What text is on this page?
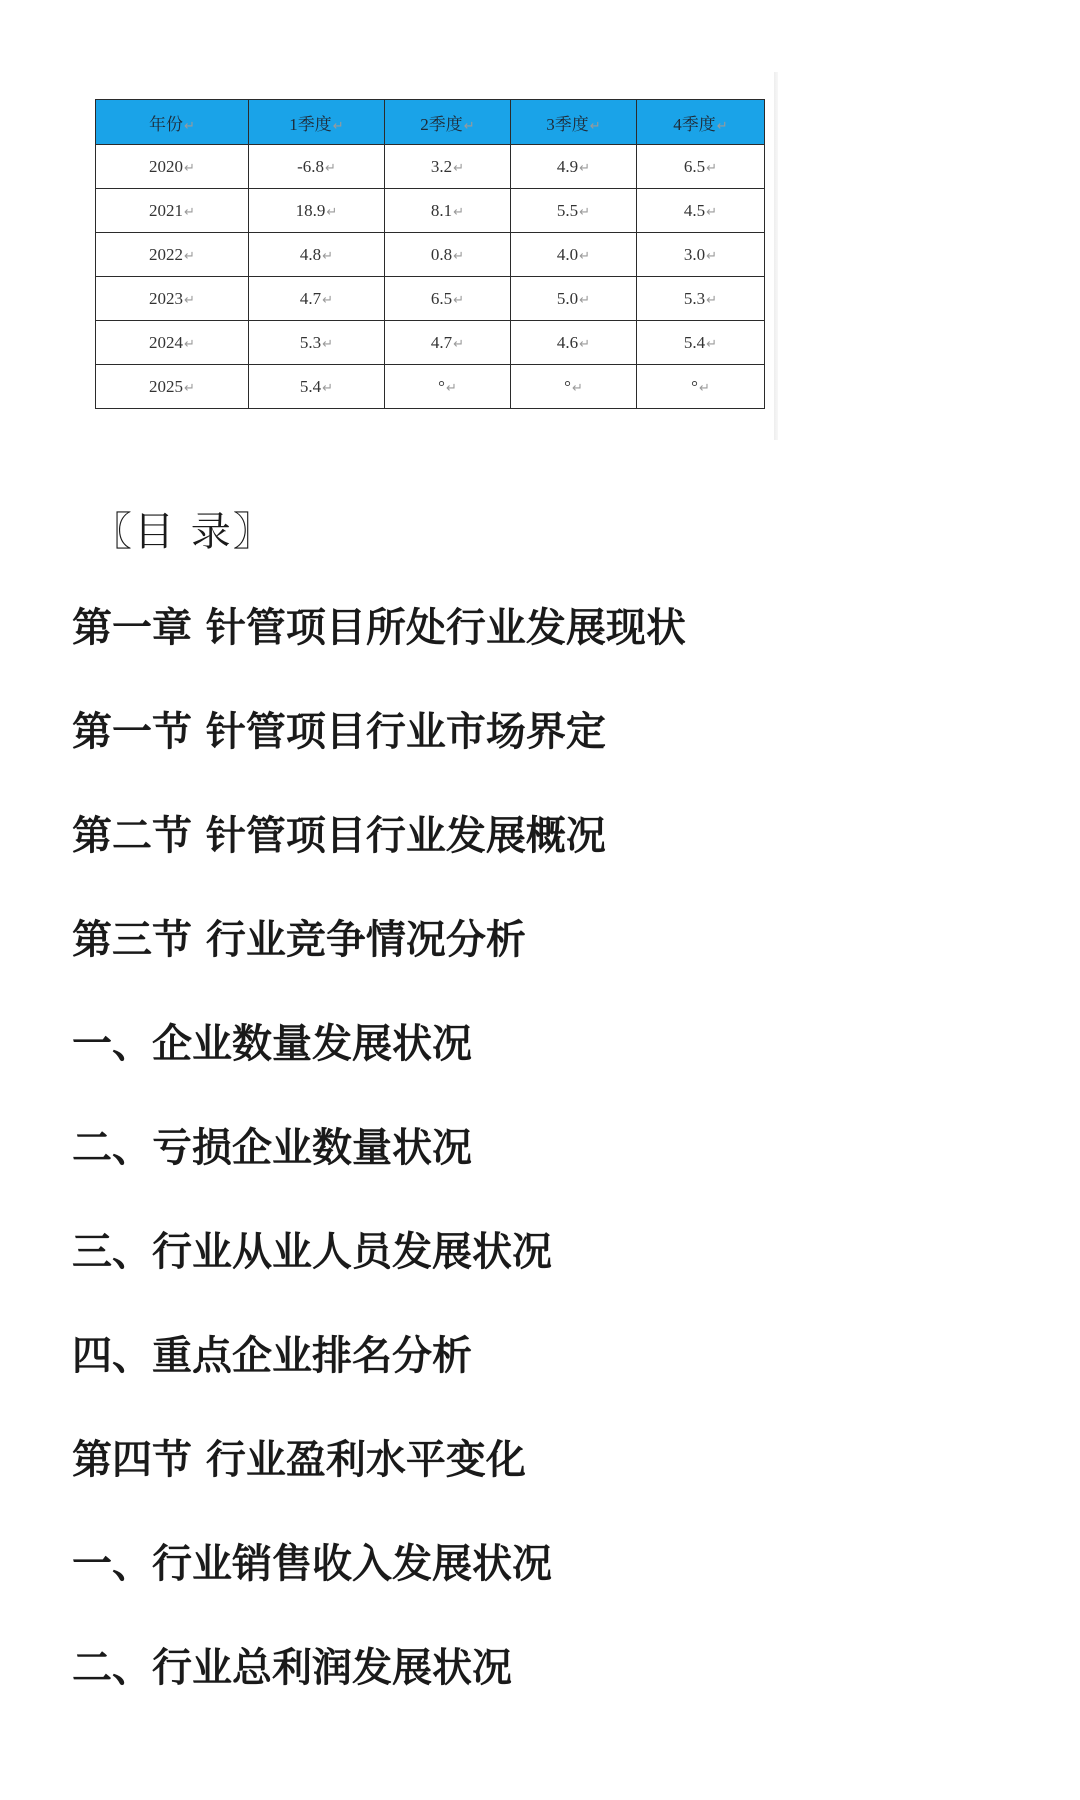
年份↵	1季度↵	2季度↵	3季度↵	4季度↵
2020↵	-6.8↵	3.2↵	4.9↵	6.5↵
2021↵	18.9↵	8.1↵	5.5↵	4.5↵
2022↵	4.8↵	0.8↵	4.0↵	3.0↵
2023↵	4.7↵	6.5↵	5.0↵	5.3↵
2024↵	5.3↵	4.7↵	4.6↵	5.4↵
2025↵	5.4↵	°↵	°↵	°↵
〖目 录〗
第一章 针管项目所处行业发展现状
第一节 针管项目行业市场界定
第二节 针管项目行业发展概况
第三节 行业竞争情况分析
一、企业数量发展状况
二、亏损企业数量状况
三、行业从业人员发展状况
四、重点企业排名分析
第四节 行业盈利水平变化
一、行业销售收入发展状况
二、行业总利润发展状况
